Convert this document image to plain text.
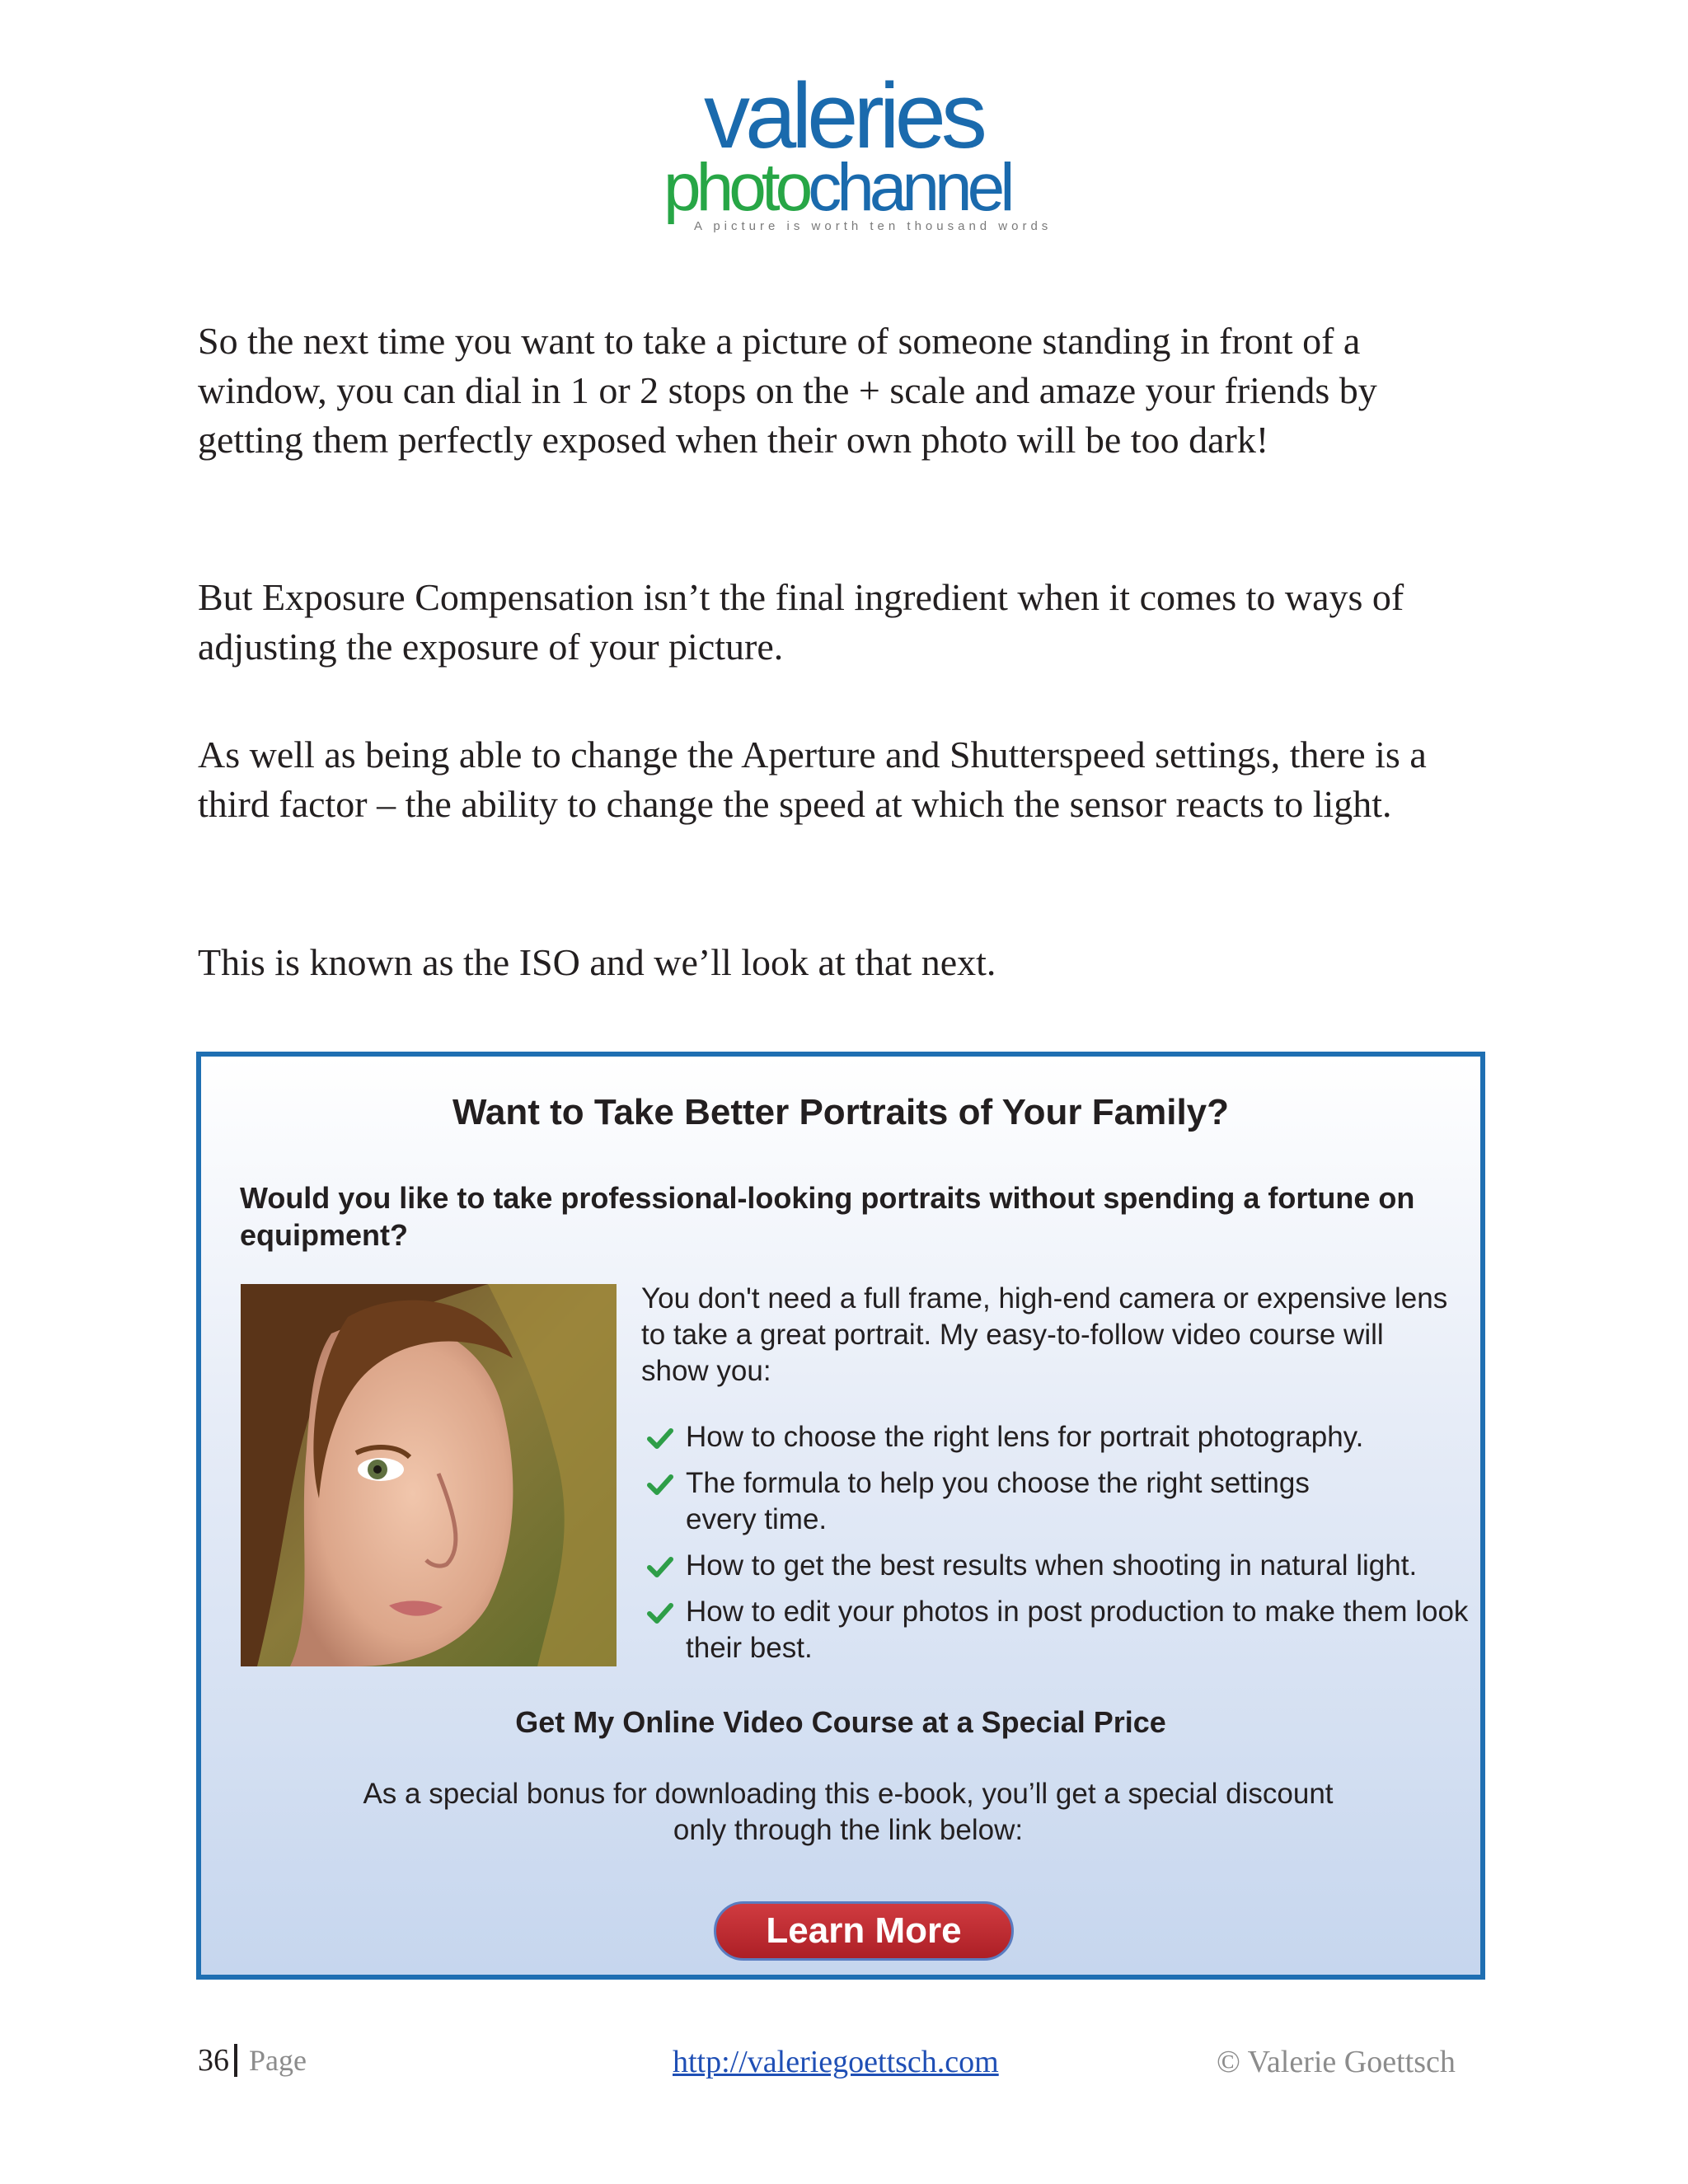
valeries
photochannel
A picture is worth ten thousand words

So the next time you want to take a picture of someone standing in front of a window, you can dial in 1 or 2 stops on the + scale and amaze your friends by getting them perfectly exposed when their own photo will be too dark!

But Exposure Compensation isn’t the final ingredient when it comes to ways of adjusting the exposure of your picture.

As well as being able to change the Aperture and Shutterspeed settings, there is a third factor – the ability to change the speed at which the sensor reacts to light.

This is known as the ISO and we’ll look at that next.

Want to Take Better Portraits of Your Family?

Would you like to take professional-looking portraits without spending a fortune on equipment?

You don't need a full frame, high-end camera or expensive lens to take a great portrait. My easy-to-follow video course will show you:

How to choose the right lens for portrait photography.
The formula to help you choose the right settings every time.
How to get the best results when shooting in natural light.
How to edit your photos in post production to make them look their best.

Get My Online Video Course at a Special Price

As a special bonus for downloading this e-book, you’ll get a special discount
only through the link below:

Learn More
36 Page	http://valeriegoettsch.com	© Valerie Goettsch
